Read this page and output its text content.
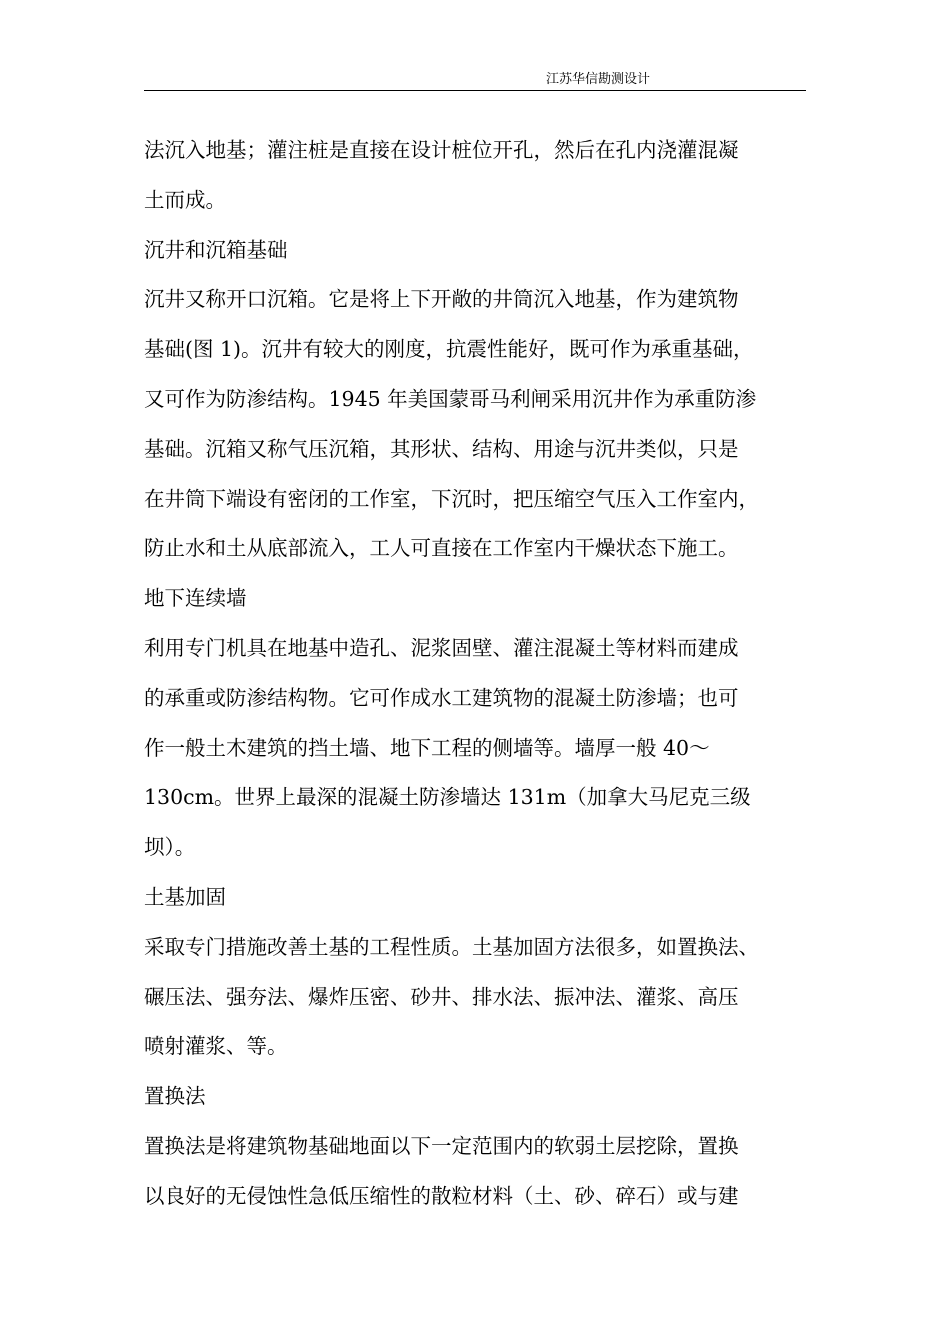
江苏华信勘测设计
法沉入地基；灌注桩是直接在设计桩位开孔，然后在孔内浇灌混凝
土而成。
沉井和沉箱基础
沉井又称开口沉箱。它是将上下开敞的井筒沉入地基，作为建筑物
基础(图 1)。沉井有较大的刚度，抗震性能好，既可作为承重基础，
又可作为防渗结构。1945 年美国蒙哥马利闸采用沉井作为承重防渗
基础。沉箱又称气压沉箱，其形状、结构、用途与沉井类似，只是
在井筒下端设有密闭的工作室，下沉时，把压缩空气压入工作室内，
防止水和土从底部流入，工人可直接在工作室内干燥状态下施工。
地下连续墙
利用专门机具在地基中造孔、泥浆固壁、灌注混凝土等材料而建成
的承重或防渗结构物。它可作成水工建筑物的混凝土防渗墙；也可
作一般土木建筑的挡土墙、地下工程的侧墙等。墙厚一般 40～
130cm。世界上最深的混凝土防渗墙达 131m（加拿大马尼克三级
坝）。
土基加固
采取专门措施改善土基的工程性质。土基加固方法很多，如置换法、
碾压法、强夯法、爆炸压密、砂井、排水法、振冲法、灌浆、高压
喷射灌浆、等。
置换法
置换法是将建筑物基础地面以下一定范围内的软弱土层挖除，置换
以良好的无侵蚀性急低压缩性的散粒材料（土、砂、碎石）或与建
